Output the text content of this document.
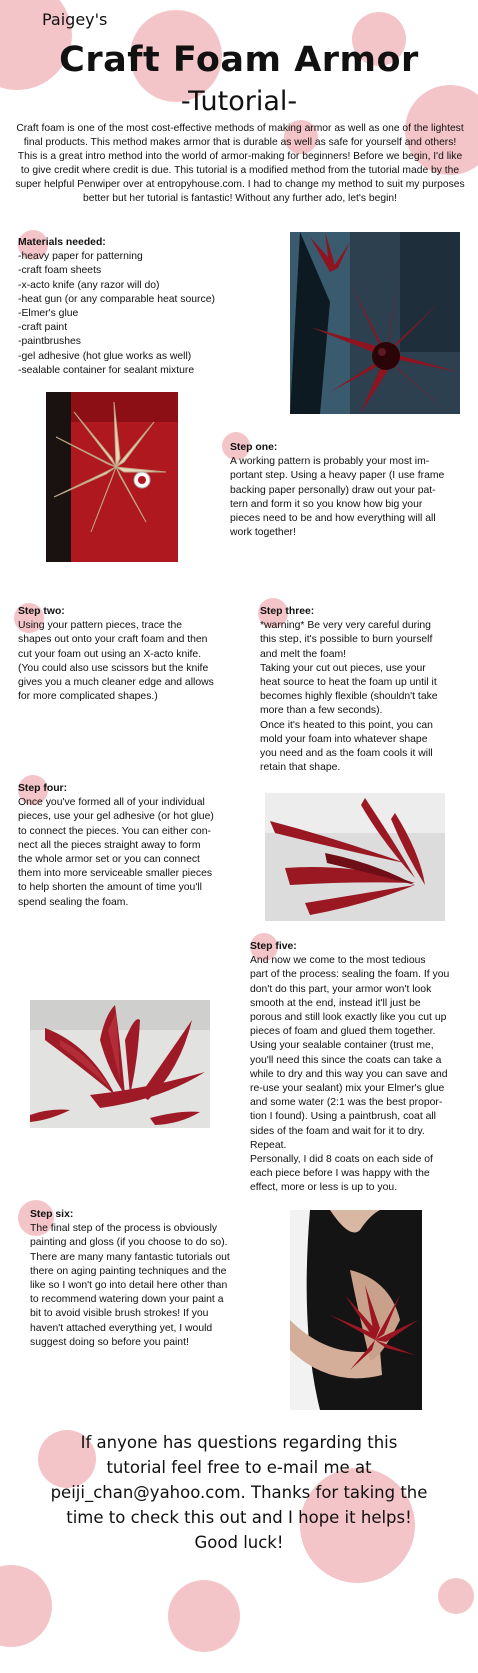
Paigey's
Craft Foam Armor
-Tutorial-
Craft foam is one of the most cost-effective methods of making armor as well as one of the lightest final products. This method makes armor that is durable as well as safe for yourself and others! This is a great intro method into the world of armor-making for beginners! Before we begin, I'd like to give credit where credit is due. This tutorial is a modified method from the tutorial made by the super helpful Penwiper over at entropyhouse.com. I had to change my method to suit my purposes better but her tutorial is fantastic! Without any further ado, let's begin!
Materials needed:
-heavy paper for patterning
-craft foam sheets
-x-acto knife (any razor will do)
-heat gun (or any comparable heat source)
-Elmer's glue
-craft paint
-paintbrushes
-gel adhesive (hot glue works as well)
-sealable container for sealant mixture
Step one:
A working pattern is probably your most im-
portant step. Using a heavy paper (I use frame
backing paper personally) draw out your pat-
tern and form it so you know how big your
pieces need to be and how everything will all
work together!
Step two:
Using your pattern pieces, trace the
shapes out onto your craft foam and then
cut your foam out using an X-acto knife.
(You could also use scissors but the knife
gives you a much cleaner edge and allows
for more complicated shapes.)
Step three:
*warning* Be very very careful during
this step, it's possible to burn yourself
and melt the foam!
Taking your cut out pieces, use your
heat source to heat the foam up until it
becomes highly flexible (shouldn't take
more than a few seconds).
Once it's heated to this point, you can
mold your foam into whatever shape
you need and as the foam cools it will
retain that shape.
Step four:
Once you've formed all of your individual
pieces, use your gel adhesive (or hot glue)
to connect the pieces. You can either con-
nect all the pieces straight away to form
the whole armor set or you can connect
them into more serviceable smaller pieces
to help shorten the amount of time you'll
spend sealing the foam.
Step five:
And now we come to the most tedious
part of the process: sealing the foam. If you
don't do this part, your armor won't look
smooth at the end, instead it'll just be
porous and still look exactly like you cut up
pieces of foam and glued them together.
Using your sealable container (trust me,
you'll need this since the coats can take a
while to dry and this way you can save and
re-use your sealant) mix your Elmer's glue
and some water (2:1 was the best propor-
tion I found). Using a paintbrush, coat all
sides of the foam and wait for it to dry.
Repeat.
Personally, I did 8 coats on each side of
each piece before I was happy with the
effect, more or less is up to you.
Step six:
The final step of the process is obviously
painting and gloss (if you choose to do so).
There are many many fantastic tutorials out
there on aging painting techniques and the
like so I won't go into detail here other than
to recommend watering down your paint a
bit to avoid visible brush strokes! If you
haven't attached everything yet, I would
suggest doing so before you paint!
If anyone has questions regarding this tutorial feel free to e-mail me at peiji_chan@yahoo.com. Thanks for taking the time to check this out and I hope it helps! Good luck!
